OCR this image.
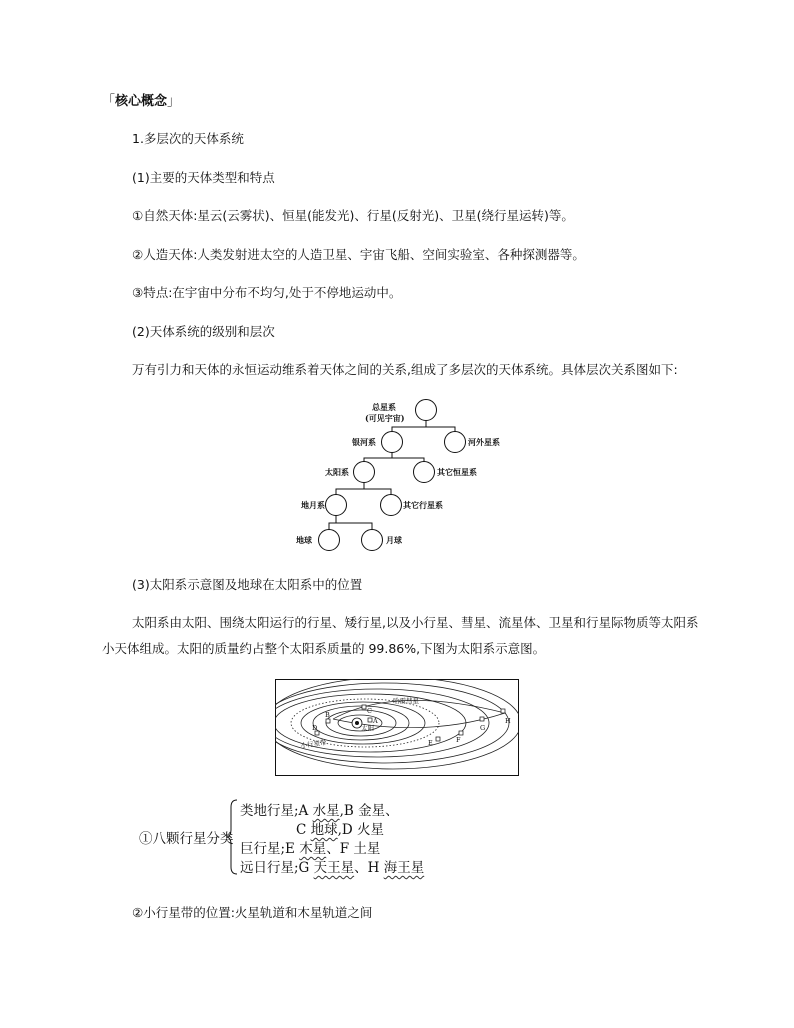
「核心概念」
1.多层次的天体系统
(1)主要的天体类型和特点
①自然天体:星云(云雾状)、恒星(能发光)、行星(反射光)、卫星(绕行星运转)等。
②人造天体:人类发射进太空的人造卫星、宇宙飞船、空间实验室、各种探测器等。
③特点:在宇宙中分布不均匀,处于不停地运动中。
(2)天体系统的级别和层次
万有引力和天体的永恒运动维系着天体之间的关系,组成了多层次的天体系统。具体层次关系图如下:
总星系
(可见宇宙)
银河系	河外星系
太阳系	其它恒星系
地月系	其它行星系
地球	月球
(3)太阳系示意图及地球在太阳系中的位置
太阳系由太阳、围绕太阳运行的行星、矮行星,以及小行星、彗星、流星体、卫星和行星际物质等太阳系
小天体组成。太阳的质量约占整个太阳系质量的 99.86%,下图为太阳系示意图。
太阳
哈雷彗星
小行星带
A
B	C
D
E	F
G
H
①八颗行星分类
类地行星;A 水星,B 金星、
C 地球,D 火星
巨行星;E 木星、F 土星
远日行星;G 天王星、H 海王星
②小行星带的位置:火星轨道和木星轨道之间
